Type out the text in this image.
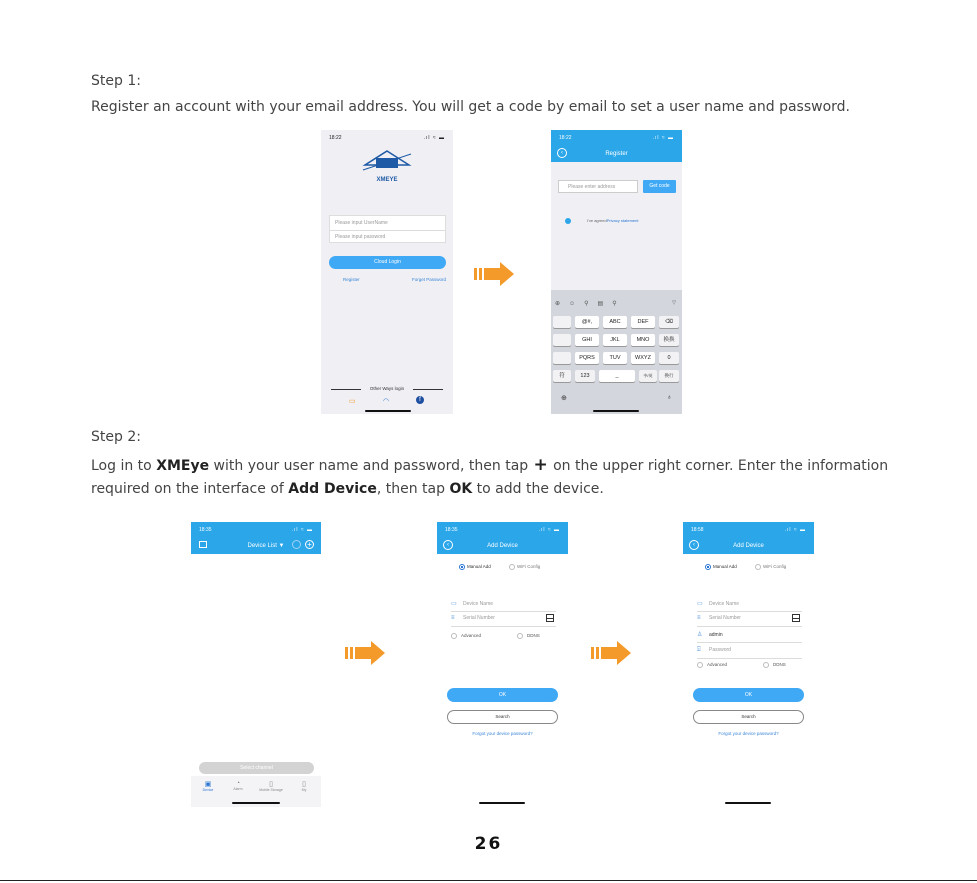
Step 1:
Register an account with your email address. You will get a code by email to set a user name and password.
18:22	.ıl ≈ ▬
XMEYE
Please input UserName
Please input password
Cloud Login
Register	Forget Password
Other Ways login
▭	◠	f
18:22	.ıl ≈ ▬
‹	Register
Please enter address	Get code
I've agreedPrivacy statement
⊕☺⚲▤⚲	▽
@#,	ABC	DEF	⌫
GHI	JKL	MNO	换换
PQRS	TUV	WXYZ	0
符	123	_	中/英	换行
⊕	♁
Step 2:
Log in to XMEye with your user name and password, then tap + on the upper right corner. Enter the information
required on the interface of Add Device, then tap OK to add the device.
18:35	.ıl ≈ ▬
Device List ▼	+
Select channel
▣
Device
◔
Alarm
▯
Mobile Storage
▯
My
18:35	.ıl ≈ ▬
‹	Add Device
Manual Add	WiFi Config
▭ Device Name
≡ Serial Number
Advanced	DDNS
OK
Search
Forgot your device password?
18:58	.ıl ≈ ▬
‹	Add Device
Manual Add	WiFi Config
▭ Device Name
≡ Serial Number
♙ admin
⍐ Password
Advanced	DDNS
OK
Search
Forgot your device password?
26
